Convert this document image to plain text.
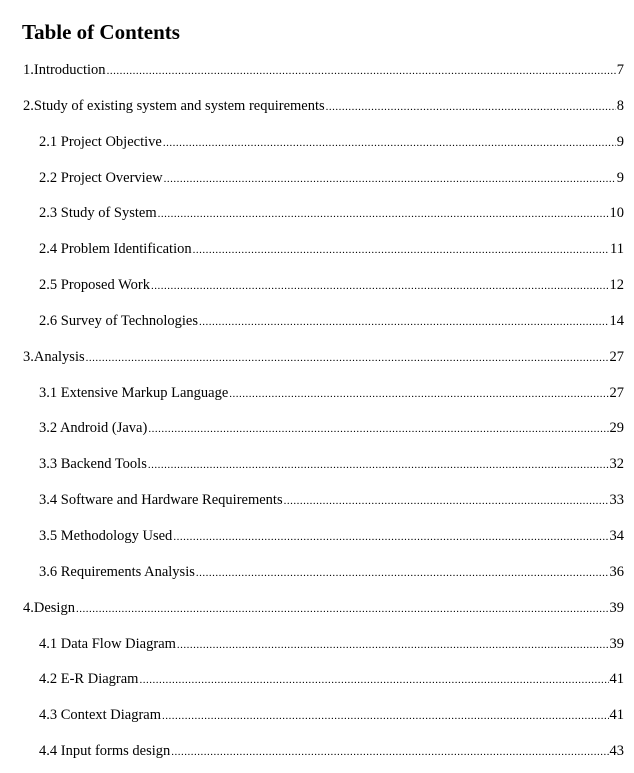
Table of Contents
1.Introduction .....	7
2.Study of existing system and system requirements .....	8
2.1 Project Objective .....	9
2.2 Project Overview .....	9
2.3 Study of System .....	10
2.4 Problem Identification .....	11
2.5 Proposed Work .....	12
2.6 Survey of Technologies .....	14
3.Analysis .....	27
3.1 Extensive Markup Language .....	27
3.2 Android (Java) .....	29
3.3 Backend Tools .....	32
3.4 Software and Hardware Requirements .....	33
3.5 Methodology Used .....	34
3.6 Requirements Analysis .....	36
4.Design .....	39
4.1 Data Flow Diagram .....	39
4.2 E-R Diagram .....	41
4.3 Context Diagram .....	41
4.4 Input forms design .....	43
